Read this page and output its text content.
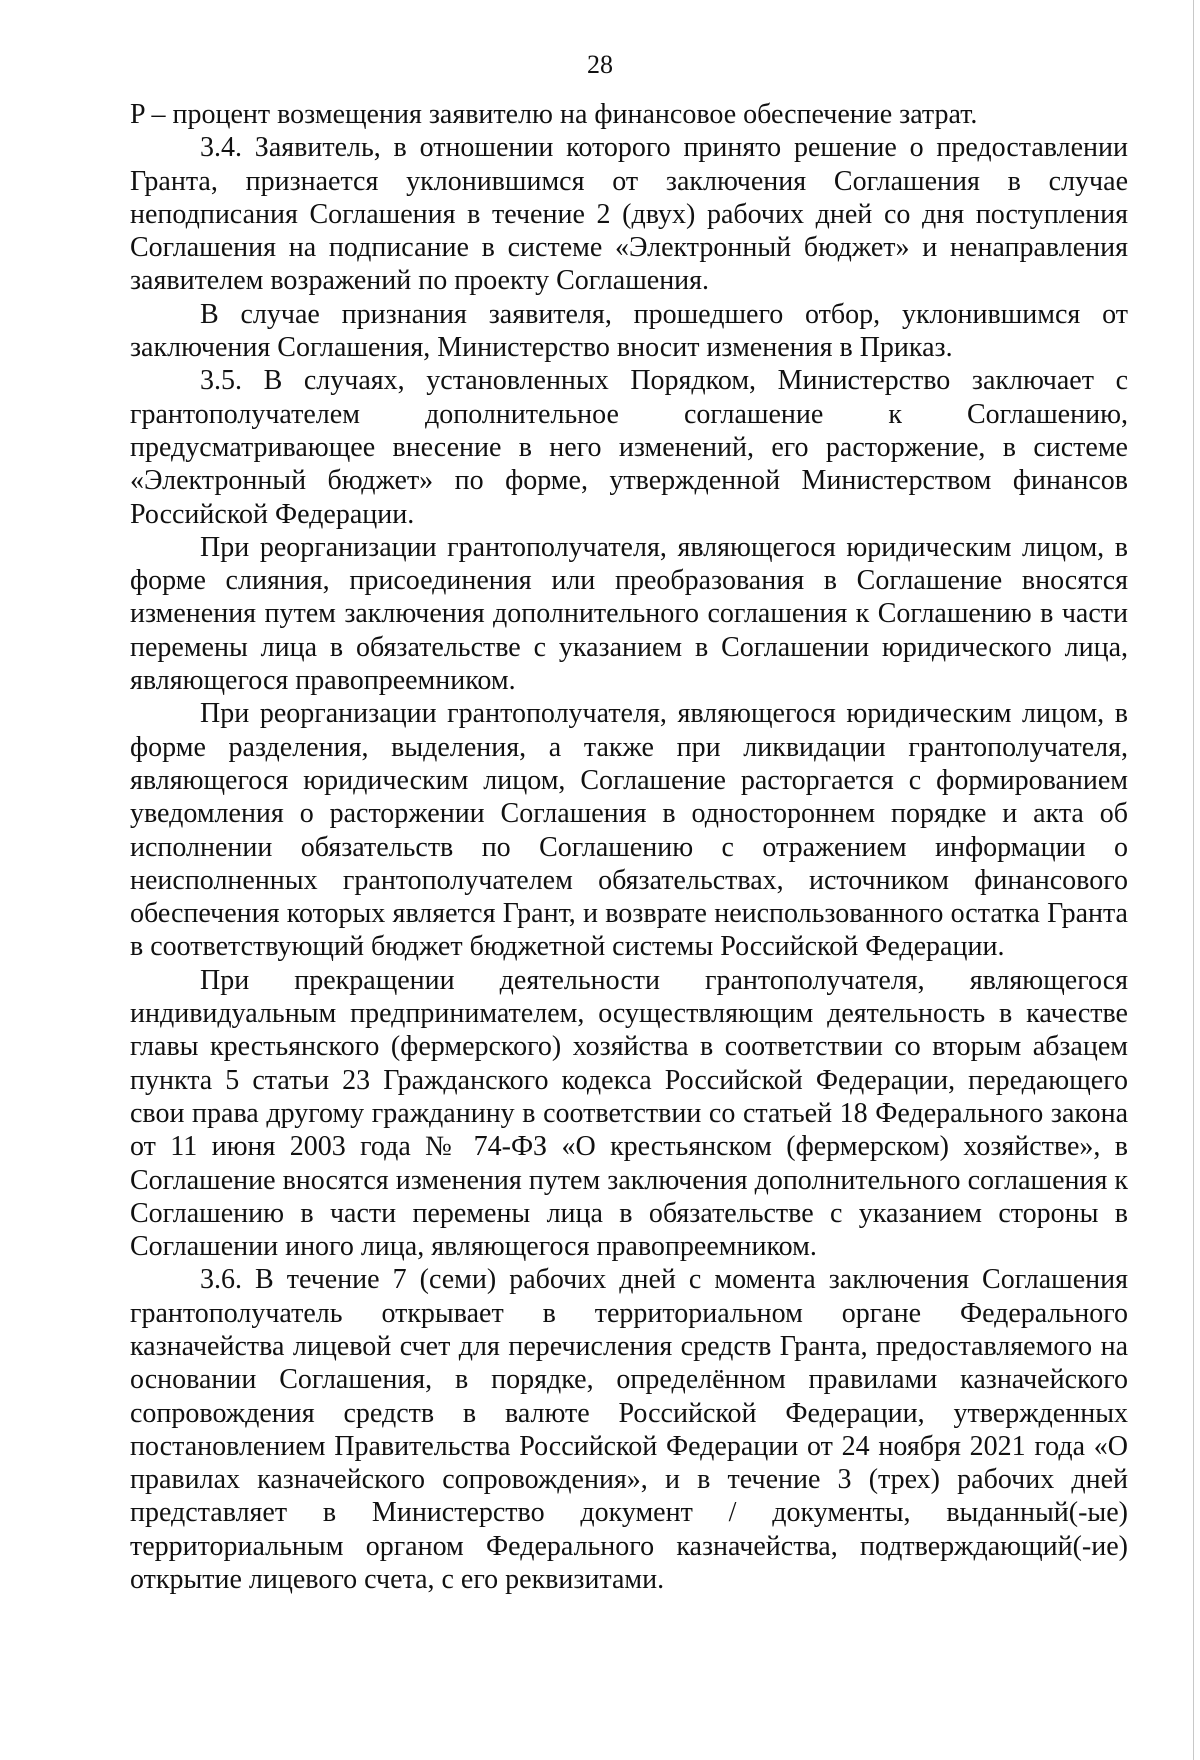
28

P – процент возмещения заявителю на финансовое обеспечение затрат.

3.4. Заявитель, в отношении которого принято решение о предоставлении Гранта, признается уклонившимся от заключения Соглашения в случае неподписания Соглашения в течение 2 (двух) рабочих дней со дня поступления Соглашения на подписание в системе «Электронный бюджет» и ненаправления заявителем возражений по проекту Соглашения.

В случае признания заявителя, прошедшего отбор, уклонившимся от заключения Соглашения, Министерство вносит изменения в Приказ.

3.5. В случаях, установленных Порядком, Министерство заключает с грантополучателем дополнительное соглашение к Соглашению, предусматривающее внесение в него изменений, его расторжение, в системе «Электронный бюджет» по форме, утвержденной Министерством финансов Российской Федерации.

При реорганизации грантополучателя, являющегося юридическим лицом, в форме слияния, присоединения или преобразования в Соглашение вносятся изменения путем заключения дополнительного соглашения к Соглашению в части перемены лица в обязательстве с указанием в Соглашении юридического лица, являющегося правопреемником.

При реорганизации грантополучателя, являющегося юридическим лицом, в форме разделения, выделения, а также при ликвидации грантополучателя, являющегося юридическим лицом, Соглашение расторгается с формированием уведомления о расторжении Соглашения в одностороннем порядке и акта об исполнении обязательств по Соглашению с отражением информации о неисполненных грантополучателем обязательствах, источником финансового обеспечения которых является Грант, и возврате неиспользованного остатка Гранта в соответствующий бюджет бюджетной системы Российской Федерации.

При прекращении деятельности грантополучателя, являющегося индивидуальным предпринимателем, осуществляющим деятельность в качестве главы крестьянского (фермерского) хозяйства в соответствии со вторым абзацем пункта 5 статьи 23 Гражданского кодекса Российской Федерации, передающего свои права другому гражданину в соответствии со статьей 18 Федерального закона от 11 июня 2003 года № 74-ФЗ «О крестьянском (фермерском) хозяйстве», в Соглашение вносятся изменения путем заключения дополнительного соглашения к Соглашению в части перемены лица в обязательстве с указанием стороны в Соглашении иного лица, являющегося правопреемником.

3.6. В течение 7 (семи) рабочих дней с момента заключения Соглашения грантополучатель открывает в территориальном органе Федерального казначейства лицевой счет для перечисления средств Гранта, предоставляемого на основании Соглашения, в порядке, определённом правилами казначейского сопровождения средств в валюте Российской Федерации, утвержденных постановлением Правительства Российской Федерации от 24 ноября 2021 года «О правилах казначейского сопровождения», и в течение 3 (трех) рабочих дней представляет в Министерство документ / документы, выданный(-ые) территориальным органом Федерального казначейства, подтверждающий(-ие) открытие лицевого счета, с его реквизитами.
